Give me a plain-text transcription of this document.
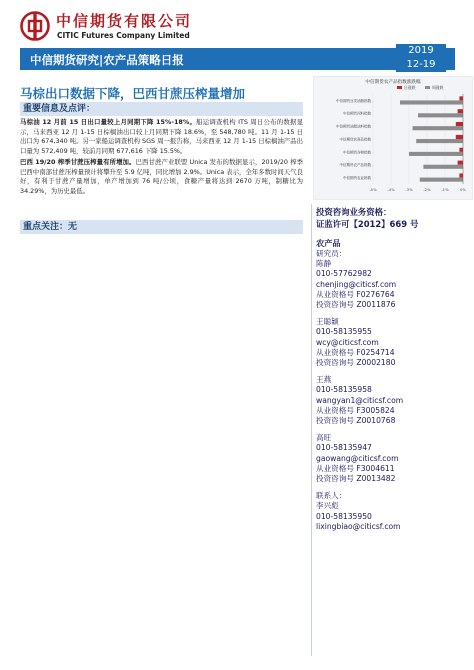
中信期货有限公司
CITIC Futures Company Limited
中信期货研究|农产品策略日报
2019
12-19
马棕出口数据下降，巴西甘蔗压榨量增加
重要信息及点评：
马棕油 12 月前 15 日出口量较上月同期下降 15%-18%。船运调查机构 ITS 周日公布的数据显示，马来西亚 12 月 1-15 日棕榈油出口较上月同期下降 18.6%，至 548,780 吨。11 月 1-15 日出口为 674,340 吨。另一家船运调查机构 SGS 周一报告称，马来西亚 12 月 1-15 日棕榈油产品出口量为 572,409 吨，较前月同期 677,616 下降 15.5%。
巴西 19/20 榨季甘蔗压榨量有所增加。巴西甘蔗产业联盟 Unica 发布的数据显示，2019/20 榨季巴西中南部甘蔗压榨量预计将攀升至 5.9 亿吨，同比增加 2.9%。Unica 表示，全年多数时间天气良好，有利于甘蔗产量增加，单产增加到 76 吨/公顷，食糖产量将达到 2670 万吨，制糖比为 34.29%，为历史最低。
重点关注：无
中信期货农产品指数涨跌幅
日涨跌	周涨跌
-5%	-4%	-3%	-2%	-1%	0%
中信期货豆类油脂指数
中信期货饲料指数
中信期货油脂油料指数
中信期货软商品指数
中信期货谷物指数
中信期货农产品指数
中信期货农业指数
投资咨询业务资格：
证监许可【2012】669 号
农产品
研究员：
陈静
010-57762982
chenjing@citicsf.com
从业资格号 F0276764
投资咨询号 Z0011876
王聪颖
010-58135955
wcy@citicsf.com
从业资格号 F0254714
投资咨询号 Z0002180
王燕
010-58135958
wangyan1@citicsf.com
从业资格号 F3005824
投资咨询号 Z0010768
高旺
010-58135947
gaowang@citicsf.com
从业资格号 F3004611
投资咨询号 Z0013482
联系人：
李兴彪
010-58135950
lixingbiao@citicsf.com
